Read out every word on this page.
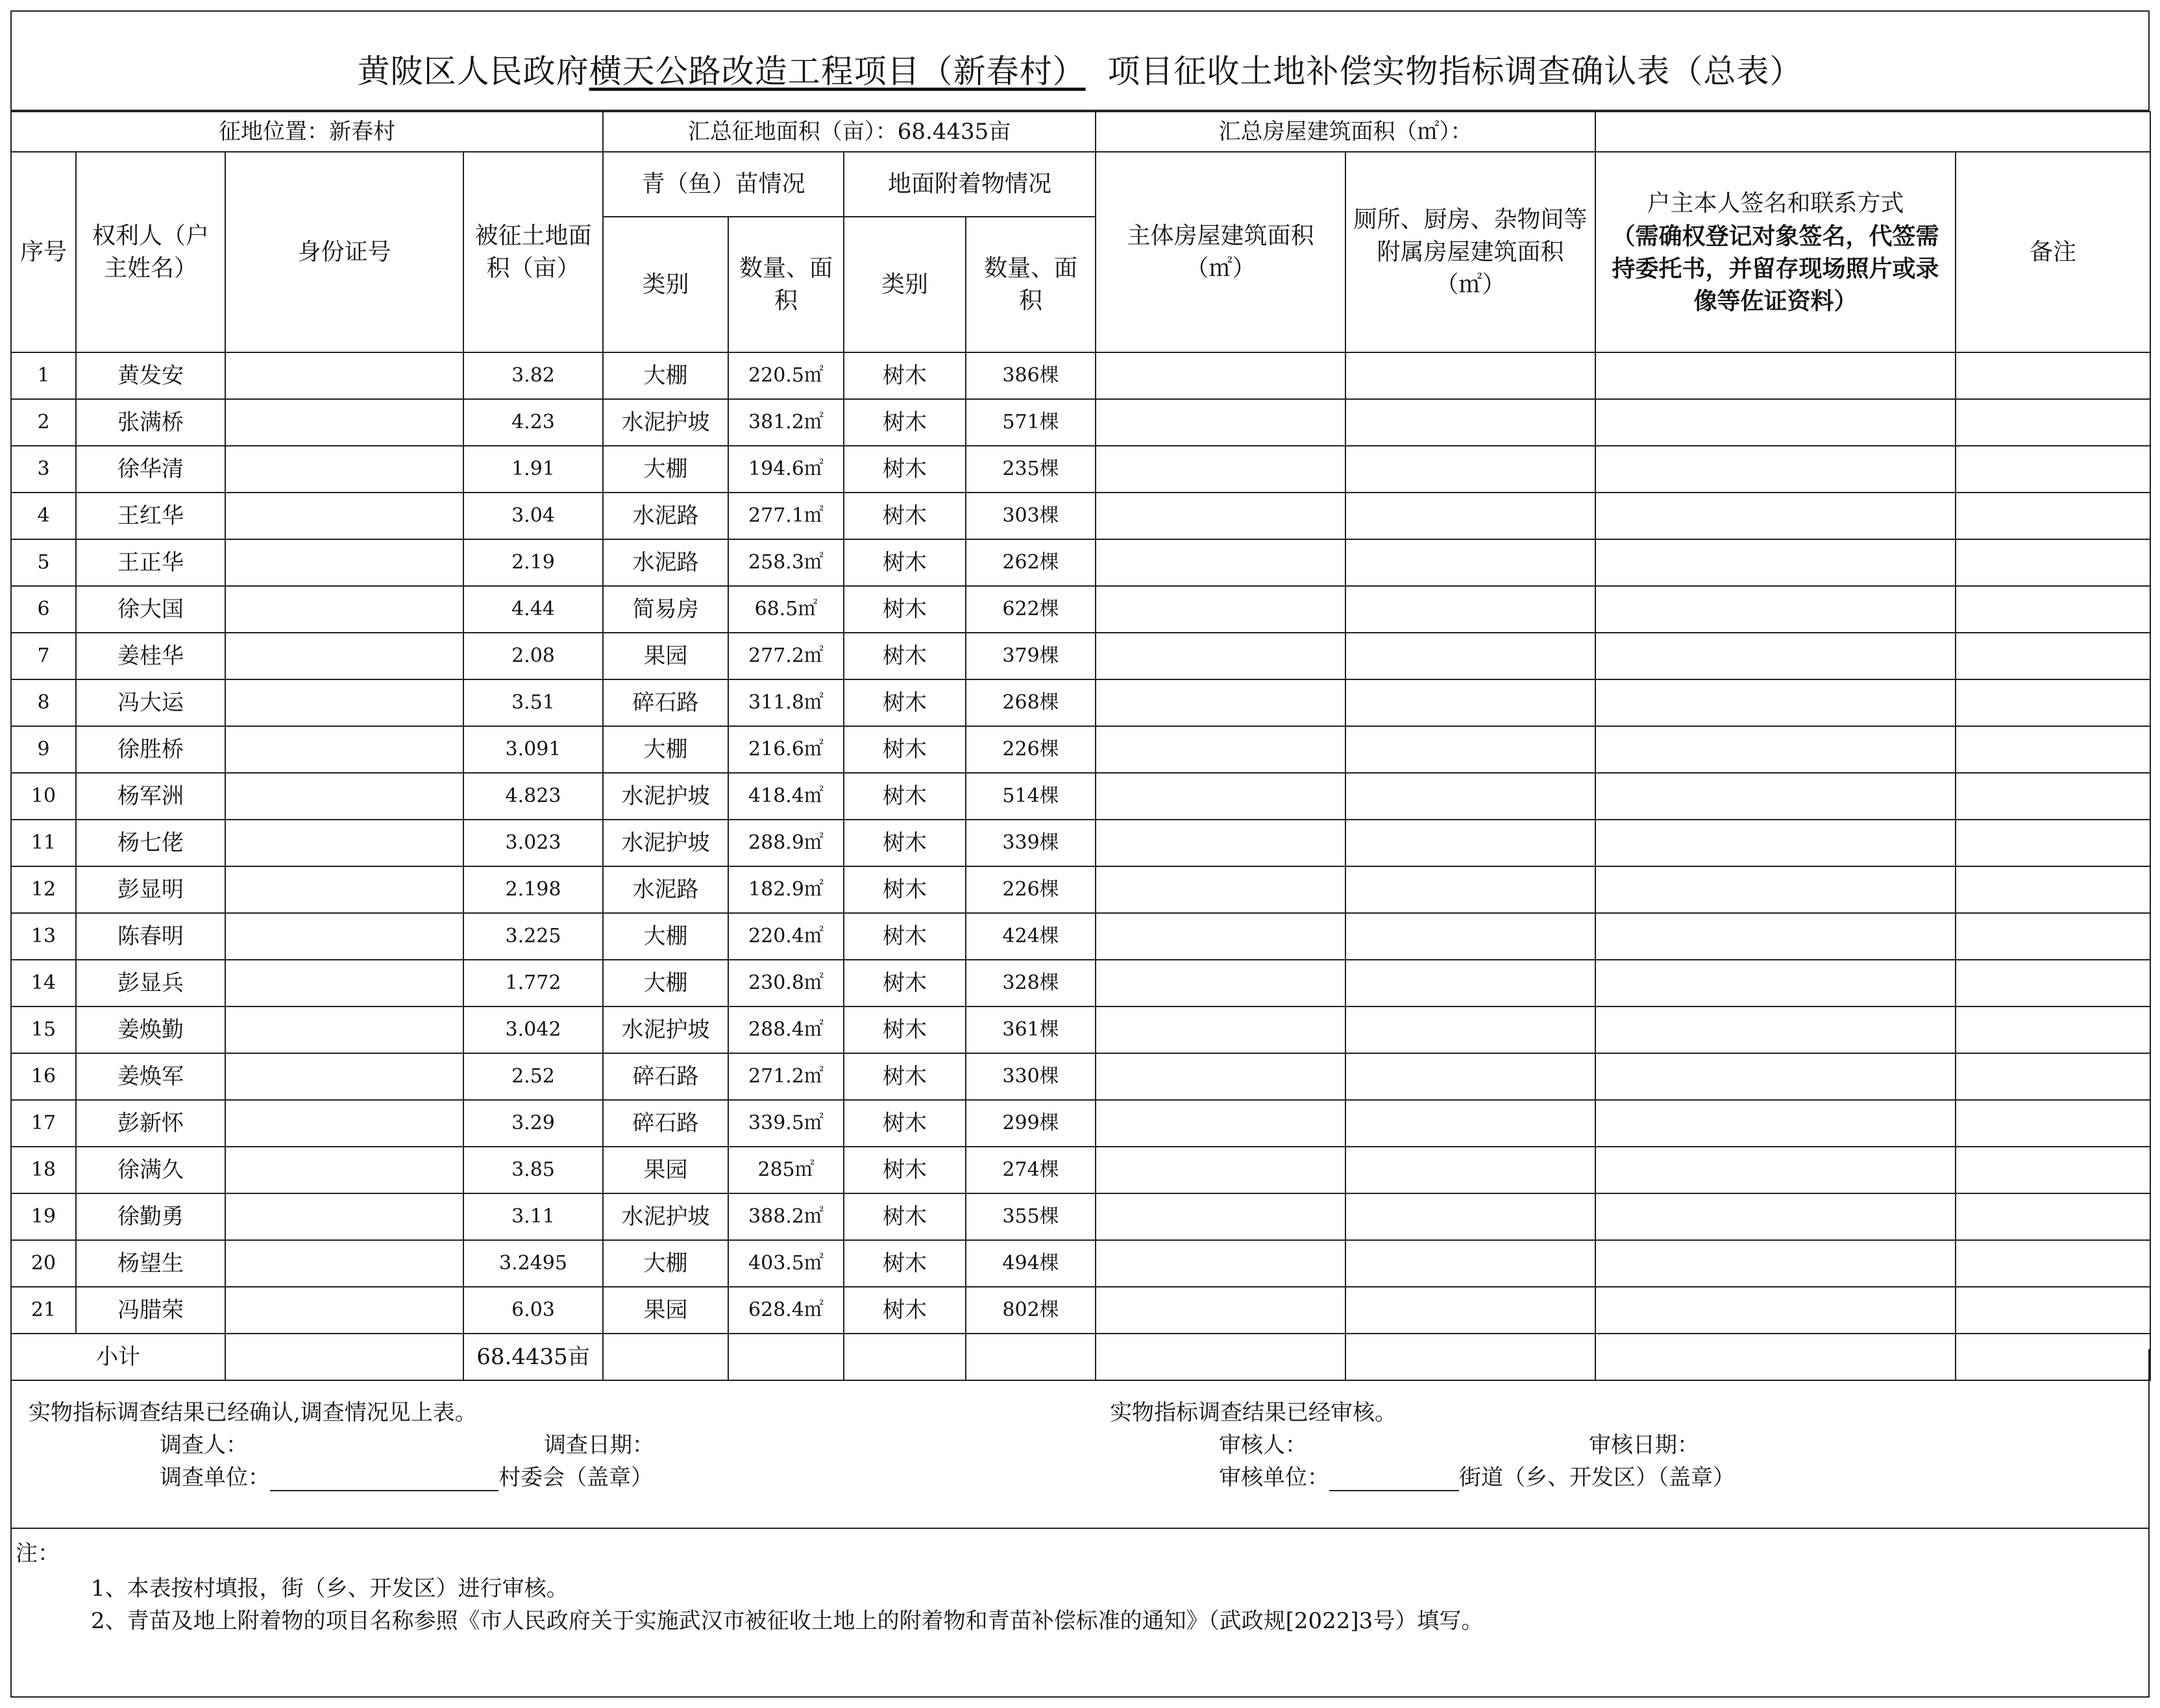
黄陂区人民政府横天公路改造工程项目（新春村） 项目征收土地补偿实物指标调查确认表（总表）
征地位置：新春村				汇总征地面积（亩）：68.4435亩				汇总房屋建筑面积（㎡）：			
序号	权利人（户主姓名）	身份证号	被征土地面积（亩）	青（鱼）苗情况		地面附着物情况		主体房屋建筑面积（㎡）	厕所、厨房、杂物间等附属房屋建筑面积（㎡）	户主本人签名和联系方式
（需确权登记对象签名，代签需持委托书，并留存现场照片或录像等佐证资料）	备注
				类别	数量、面积	类别	数量、面积				
1	黄发安		3.82	大棚	220.5㎡	树木	386棵				
2	张满桥		4.23	水泥护坡	381.2㎡	树木	571棵				
3	徐华清		1.91	大棚	194.6㎡	树木	235棵				
4	王红华		3.04	水泥路	277.1㎡	树木	303棵				
5	王正华		2.19	水泥路	258.3㎡	树木	262棵				
6	徐大国		4.44	简易房	68.5㎡	树木	622棵				
7	姜桂华		2.08	果园	277.2㎡	树木	379棵				
8	冯大运		3.51	碎石路	311.8㎡	树木	268棵				
9	徐胜桥		3.091	大棚	216.6㎡	树木	226棵				
10	杨军洲		4.823	水泥护坡	418.4㎡	树木	514棵				
11	杨七佬		3.023	水泥护坡	288.9㎡	树木	339棵				
12	彭显明		2.198	水泥路	182.9㎡	树木	226棵				
13	陈春明		3.225	大棚	220.4㎡	树木	424棵				
14	彭显兵		1.772	大棚	230.8㎡	树木	328棵				
15	姜焕勤		3.042	水泥护坡	288.4㎡	树木	361棵				
16	姜焕军		2.52	碎石路	271.2㎡	树木	330棵				
17	彭新怀		3.29	碎石路	339.5㎡	树木	299棵				
18	徐满久		3.85	果园	285㎡	树木	274棵				
19	徐勤勇		3.11	水泥护坡	388.2㎡	树木	355棵				
20	杨望生		3.2495	大棚	403.5㎡	树木	494棵				
21	冯腊荣		6.03	果园	628.4㎡	树木	802棵				
小计			68.4435亩								
实物指标调查结果已经确认,调查情况见上表。
调查人：	调查日期：
调查单位：	村委会（盖章）
实物指标调查结果已经审核。
审核人：	审核日期：
审核单位：	街道（乡、开发区）（盖章）
注：
1、本表按村填报，街（乡、开发区）进行审核。
2、青苗及地上附着物的项目名称参照《市人民政府关于实施武汉市被征收土地上的附着物和青苗补偿标准的通知》（武政规[2022]3号）填写。
